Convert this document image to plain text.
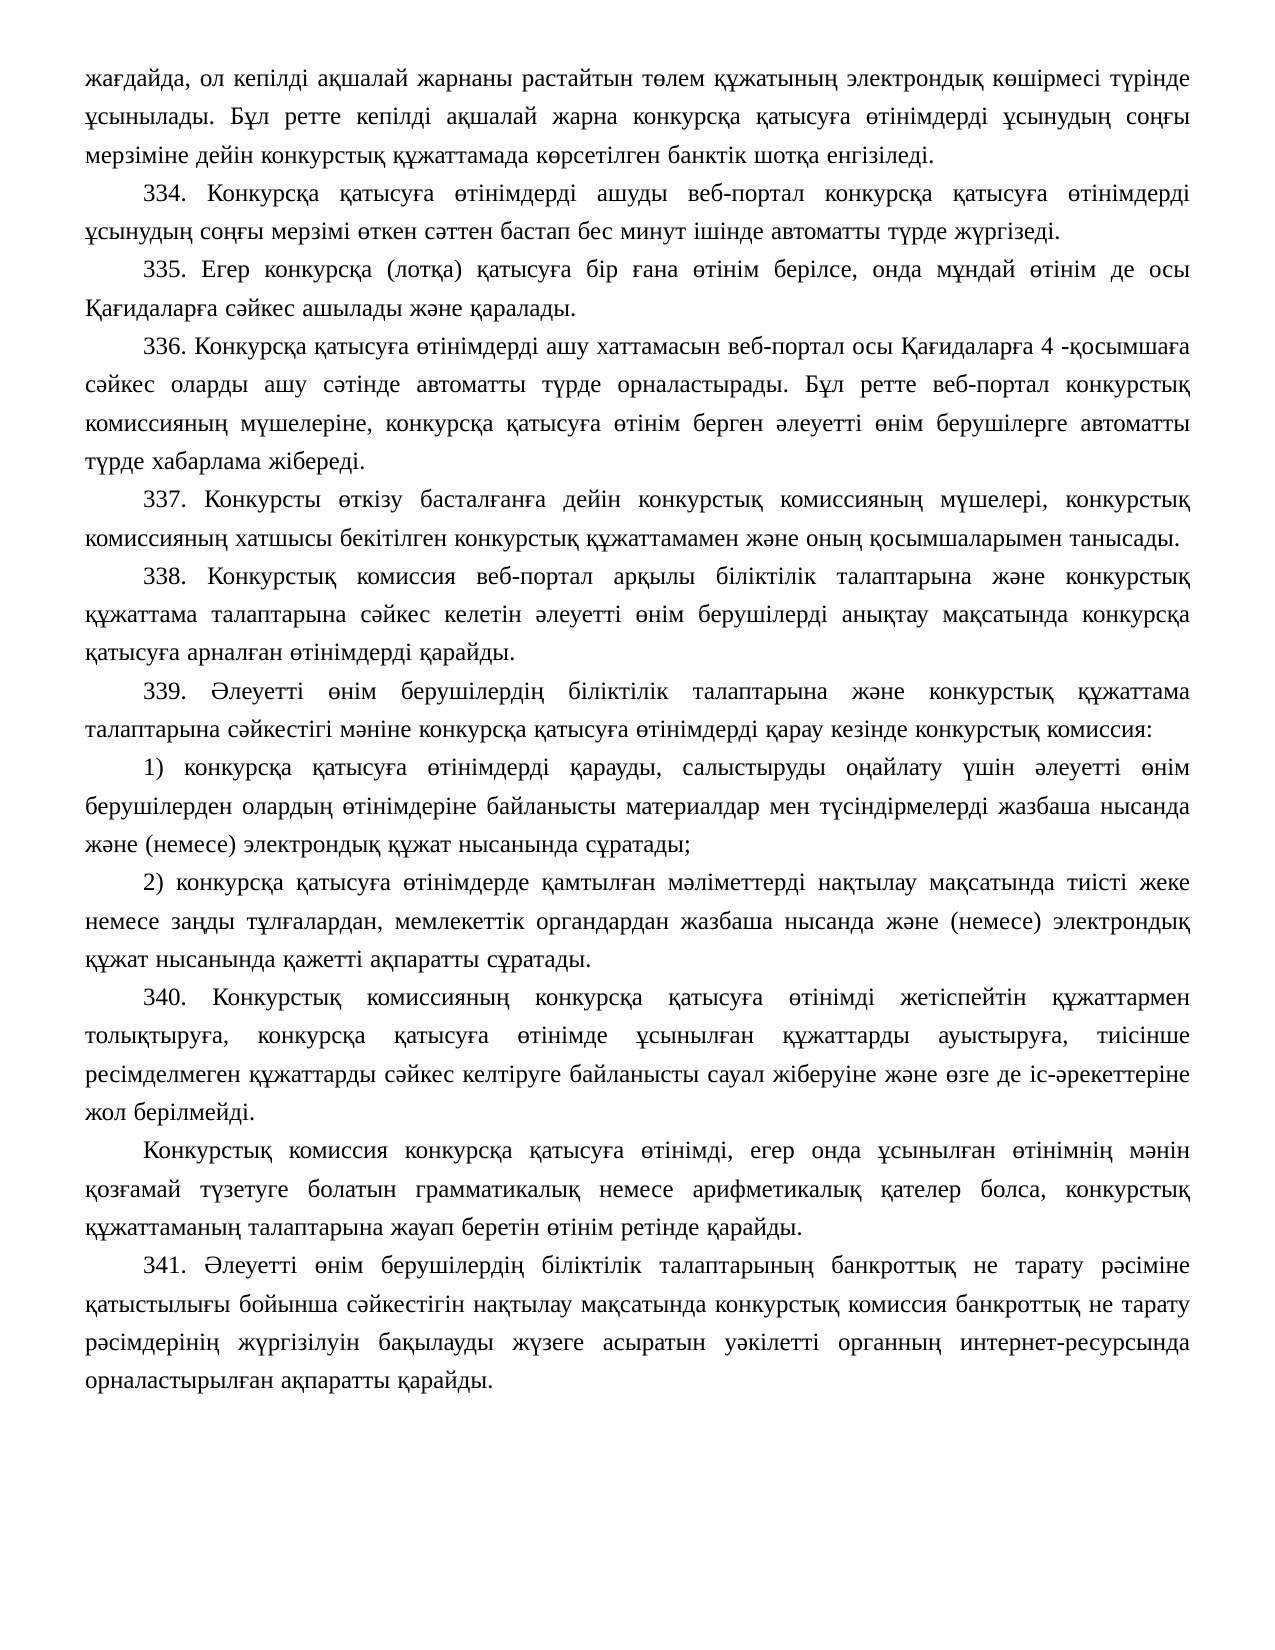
жағдайда, ол кепілді ақшалай жарнаны растайтын төлем құжатының электрондық көшірмесі түрінде ұсынылады. Бұл ретте кепілді ақшалай жарна конкурсқа қатысуға өтінімдерді ұсынудың соңғы мерзіміне дейін конкурстық құжаттамада көрсетілген банктік шотқа енгізіледі.

334. Конкурсқа қатысуға өтінімдерді ашуды веб-портал конкурсқа қатысуға өтінімдерді ұсынудың соңғы мерзімі өткен сәттен бастап бес минут ішінде автоматты түрде жүргізеді.

335. Егер конкурсқа (лотқа) қатысуға бір ғана өтінім берілсе, онда мұндай өтінім де осы Қағидаларға сәйкес ашылады және қаралады.

336. Конкурсқа қатысуға өтінімдерді ашу хаттамасын веб-портал осы Қағидаларға 4 -қосымшаға сәйкес оларды ашу сәтінде автоматты түрде орналастырады. Бұл ретте веб-портал конкурстық комиссияның мүшелеріне, конкурсқа қатысуға өтінім берген әлеуетті өнім берушілерге автоматты түрде хабарлама жібереді.

337. Конкурсты өткізу басталғанға дейін конкурстық комиссияның мүшелері, конкурстық комиссияның хатшысы бекітілген конкурстық құжаттамамен және оның қосымшаларымен танысады.

338. Конкурстық комиссия веб-портал арқылы біліктілік талаптарына және конкурстық құжаттама талаптарына сәйкес келетін әлеуетті өнім берушілерді анықтау мақсатында конкурсқа қатысуға арналған өтінімдерді қарайды.

339. Әлеуетті өнім берушілердің біліктілік талаптарына және конкурстық құжаттама талаптарына сәйкестігі мәніне конкурсқа қатысуға өтінімдерді қарау кезінде конкурстық комиссия:

1) конкурсқа қатысуға өтінімдерді қарауды, салыстыруды оңайлату үшін әлеуетті өнім берушілерден олардың өтінімдеріне байланысты материалдар мен түсіндірмелерді жазбаша нысанда және (немесе) электрондық құжат нысанында сұратады;

2) конкурсқа қатысуға өтінімдерде қамтылған мәліметтерді нақтылау мақсатында тиісті жеке немесе заңды тұлғалардан, мемлекеттік органдардан жазбаша нысанда және (немесе) электрондық құжат нысанында қажетті ақпаратты сұратады.

340. Конкурстық комиссияның конкурсқа қатысуға өтінімді жетіспейтін құжаттармен толықтыруға, конкурсқа қатысуға өтінімде ұсынылған құжаттарды ауыстыруға, тиісінше ресімделмеген құжаттарды сәйкес келтіруге байланысты сауал жіберуіне және өзге де іс-әрекеттеріне жол берілмейді.

Конкурстық комиссия конкурсқа қатысуға өтінімді, егер онда ұсынылған өтінімнің мәнін қозғамай түзетуге болатын грамматикалық немесе арифметикалық қателер болса, конкурстық құжаттаманың талаптарына жауап беретін өтінім ретінде қарайды.

341. Әлеуетті өнім берушілердің біліктілік талаптарының банкроттық не тарату рәсіміне қатыстылығы бойынша сәйкестігін нақтылау мақсатында конкурстық комиссия банкроттық не тарату рәсімдерінің жүргізілуін бақылауды жүзеге асыратын уәкілетті органның интернет-ресурсында орналастырылған ақпаратты қарайды.
